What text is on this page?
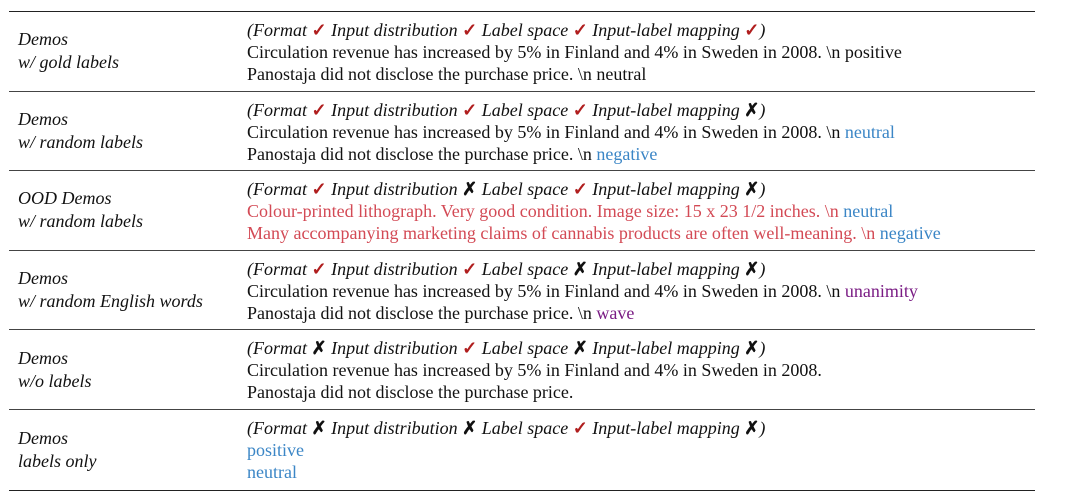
Demos
w/ gold labels
(Format ✓ Input distribution ✓ Label space ✓ Input-label mapping ✓)
Circulation revenue has increased by 5% in Finland and 4% in Sweden in 2008. \n positive
Panostaja did not disclose the purchase price. \n neutral
Demos
w/ random labels
(Format ✓ Input distribution ✓ Label space ✓ Input-label mapping ✗)
Circulation revenue has increased by 5% in Finland and 4% in Sweden in 2008. \n neutral
Panostaja did not disclose the purchase price. \n negative
OOD Demos
w/ random labels
(Format ✓ Input distribution ✗ Label space ✓ Input-label mapping ✗)
Colour-printed lithograph. Very good condition. Image size: 15 x 23 1/2 inches. \n neutral
Many accompanying marketing claims of cannabis products are often well-meaning. \n negative
Demos
w/ random English words
(Format ✓ Input distribution ✓ Label space ✗ Input-label mapping ✗)
Circulation revenue has increased by 5% in Finland and 4% in Sweden in 2008. \n unanimity
Panostaja did not disclose the purchase price. \n wave
Demos
w/o labels
(Format ✗ Input distribution ✓ Label space ✗ Input-label mapping ✗)
Circulation revenue has increased by 5% in Finland and 4% in Sweden in 2008.
Panostaja did not disclose the purchase price.
Demos
labels only
(Format ✗ Input distribution ✗ Label space ✓ Input-label mapping ✗)
positive
neutral
